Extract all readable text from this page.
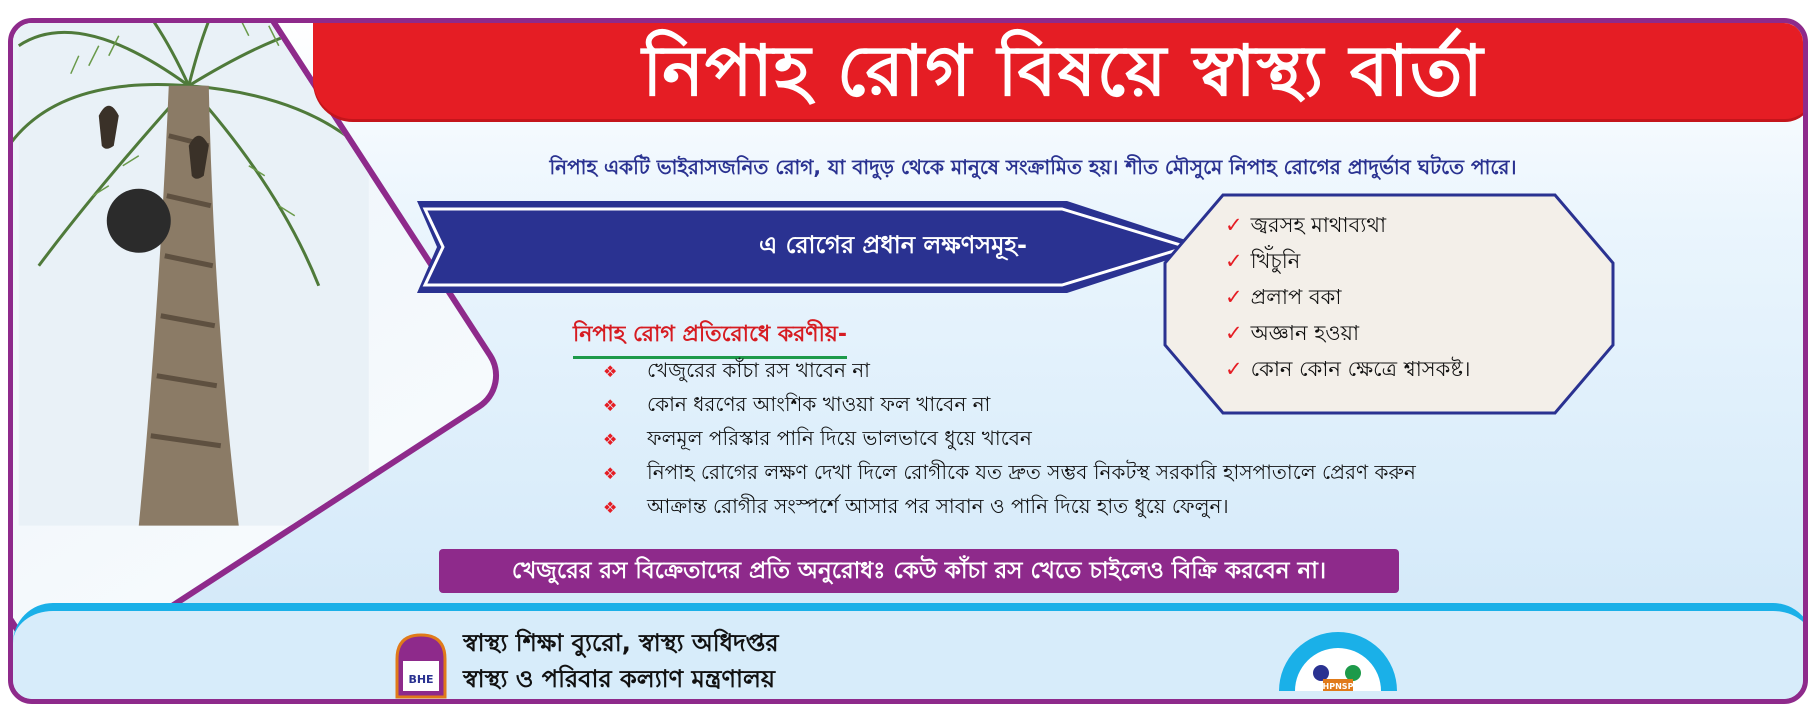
নিপাহ রোগ বিষয়ে স্বাস্থ্য বার্তা
নিপাহ একটি ভাইরাসজনিত রোগ, যা বাদুড় থেকে মানুষে সংক্রামিত হয়। শীত মৌসুমে নিপাহ রোগের প্রাদুর্ভাব ঘটতে পারে।
এ রোগের প্রধান লক্ষণসমূহ-
✓ জ্বরসহ মাথাব্যথা
✓ খিঁচুনি
✓ প্রলাপ বকা
✓ অজ্ঞান হওয়া
✓ কোন কোন ক্ষেত্রে শ্বাসকষ্ট।
নিপাহ রোগ প্রতিরোধে করণীয়-
❖ খেজুরের কাঁচা রস খাবেন না
❖ কোন ধরণের আংশিক খাওয়া ফল খাবেন না
❖ ফলমূল পরিস্কার পানি দিয়ে ভালভাবে ধুয়ে খাবেন
❖ নিপাহ রোগের লক্ষণ দেখা দিলে রোগীকে যত দ্রুত সম্ভব নিকটস্থ সরকারি হাসপাতালে প্রেরণ করুন
❖ আক্রান্ত রোগীর সংস্পর্শে আসার পর সাবান ও পানি দিয়ে হাত ধুয়ে ফেলুন।
খেজুরের রস বিক্রেতাদের প্রতি অনুরোধঃ কেউ কাঁচা রস খেতে চাইলেও বিক্রি করবেন না।
BHE
স্বাস্থ্য শিক্ষা ব্যুরো, স্বাস্থ্য অধিদপ্তর
স্বাস্থ্য ও পরিবার কল্যাণ মন্ত্রণালয়	HPNSP
